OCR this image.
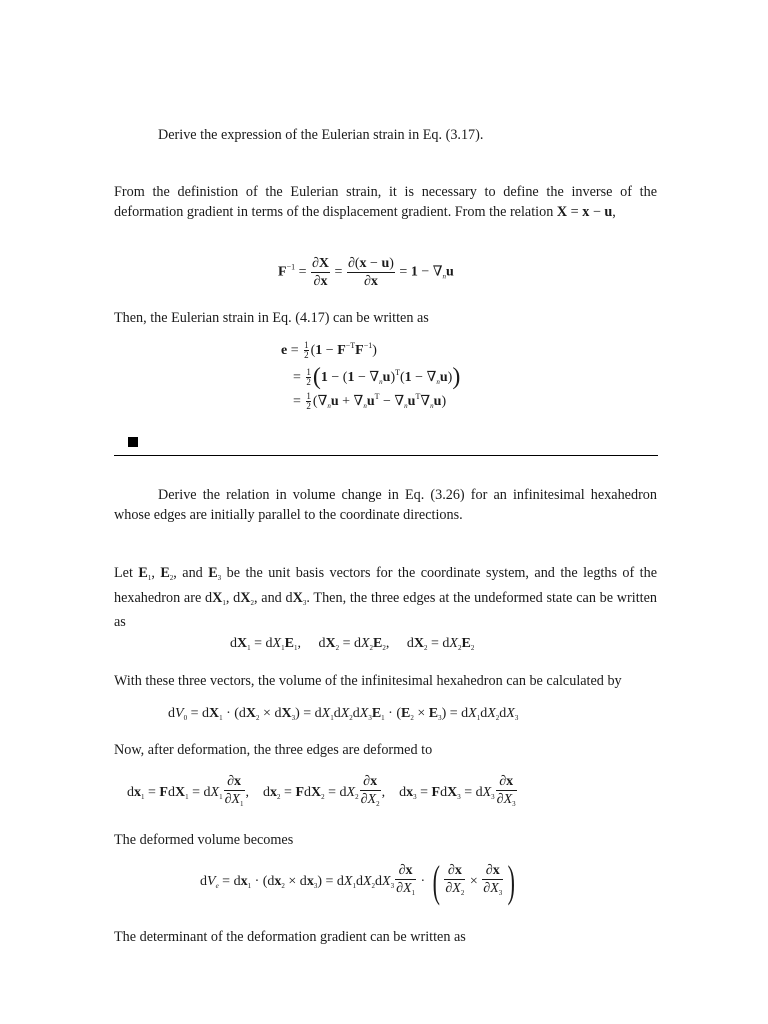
Derive the expression of the Eulerian strain in Eq. (3.17).
From the definistion of the Eulerian strain, it is necessary to define the inverse of the deformation gradient in terms of the displacement gradient. From the relation X = x − u,
$F^{-1} = \frac{\partial X}{\partial x} = \frac{\partial(x - u)}{\partial x} = 1 - \nabla_nu$
Then, the Eulerian strain in Eq. (4.17) can be written as
$e = \frac{1}{2} (1 - F^{-T}F^{-1})$
= $\frac{1}{2} (1 - (1 - \nabla_nu)^T(1 - \nabla_nu))$
= $\frac{1}{2} (\nabla_nu + \nabla_nu^T - \nabla_nu^T\nabla_nu)$
Derive the relation in volume change in Eq. (3.26) for an infinitesimal hexahedron whose edges are initially parallel to the coordinate directions.
Let $E_1$, $E_2$, and $E_3$ be the unit basis vectors for the coordinate system, and the legths of the hexahedron are $dX_1$, $dX_2$, and $dX_3$. Then, the three edges at the undeformed state can be written as
$dX_1 = dX_1E_1$,     $dX_2 = dX_2E_2$,     $dX_2 = dX_2E_2$
With these three vectors, the volume of the infinitesimal hexahedron can be calculated by
$dV_0 = dX_1 \cdot (dX_2 \times dX_3) = dX_1dX_2dX_3E_1 \cdot (E_2 \times E_3) = dX_1dX_2dX_3$
Now, after deformation, the three edges are deformed to
$dx_1 = FdX_1 = dX_1 \frac{\partial x}{\partial X_1}$ ,    $dx_2 = FdX_2 = dX_2 \frac{\partial x}{\partial X_2}$ ,    $dx_3 = FdX_3 = dX_3 \frac{\partial x}{\partial X_3}$
The deformed volume becomes
$dV_e = dx_1 \cdot (dx_2 \times dx_3) = dX_1dX_2dX_3 \frac{\partial x}{\partial X_1}$ · ( $\frac{\partial x}{\partial X_2} \times \frac{\partial x}{\partial X_3}$ )
The determinant of the deformation gradient can be written as
